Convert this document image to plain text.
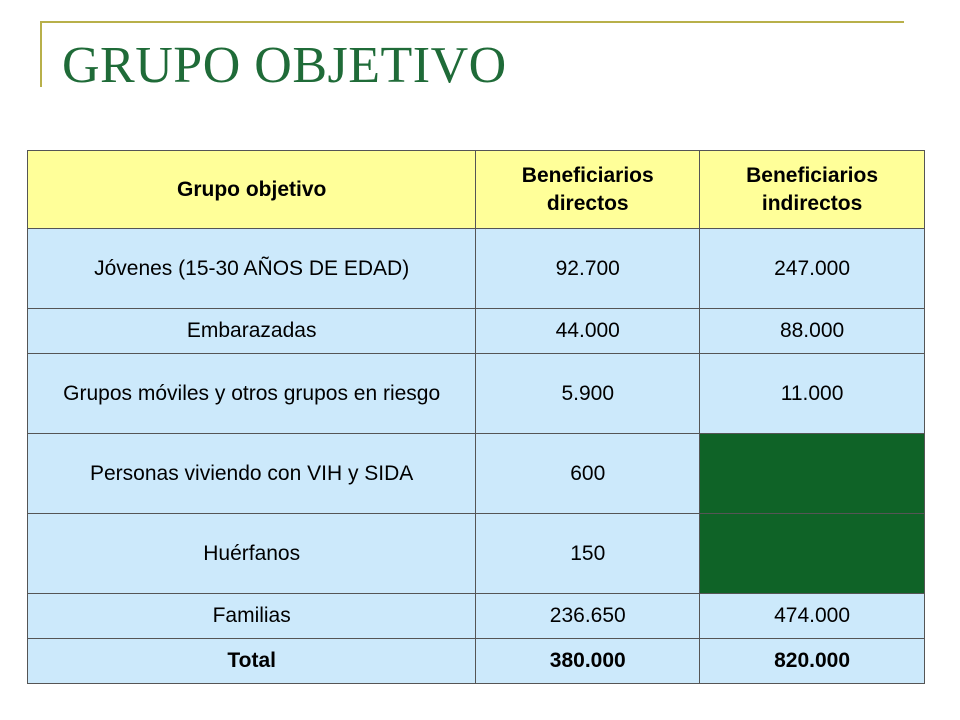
GRUPO OBJETIVO
Grupo objetivo	Beneficiarios directos	Beneficiarios indirectos
Jóvenes (15-30 AÑOS DE EDAD)	92.700	247.000
Embarazadas	44.000	88.000
Grupos móviles y otros grupos en riesgo	5.900	11.000
Personas viviendo con VIH y SIDA	600	
Huérfanos	150	
Familias	236.650	474.000
Total	380.000	820.000
